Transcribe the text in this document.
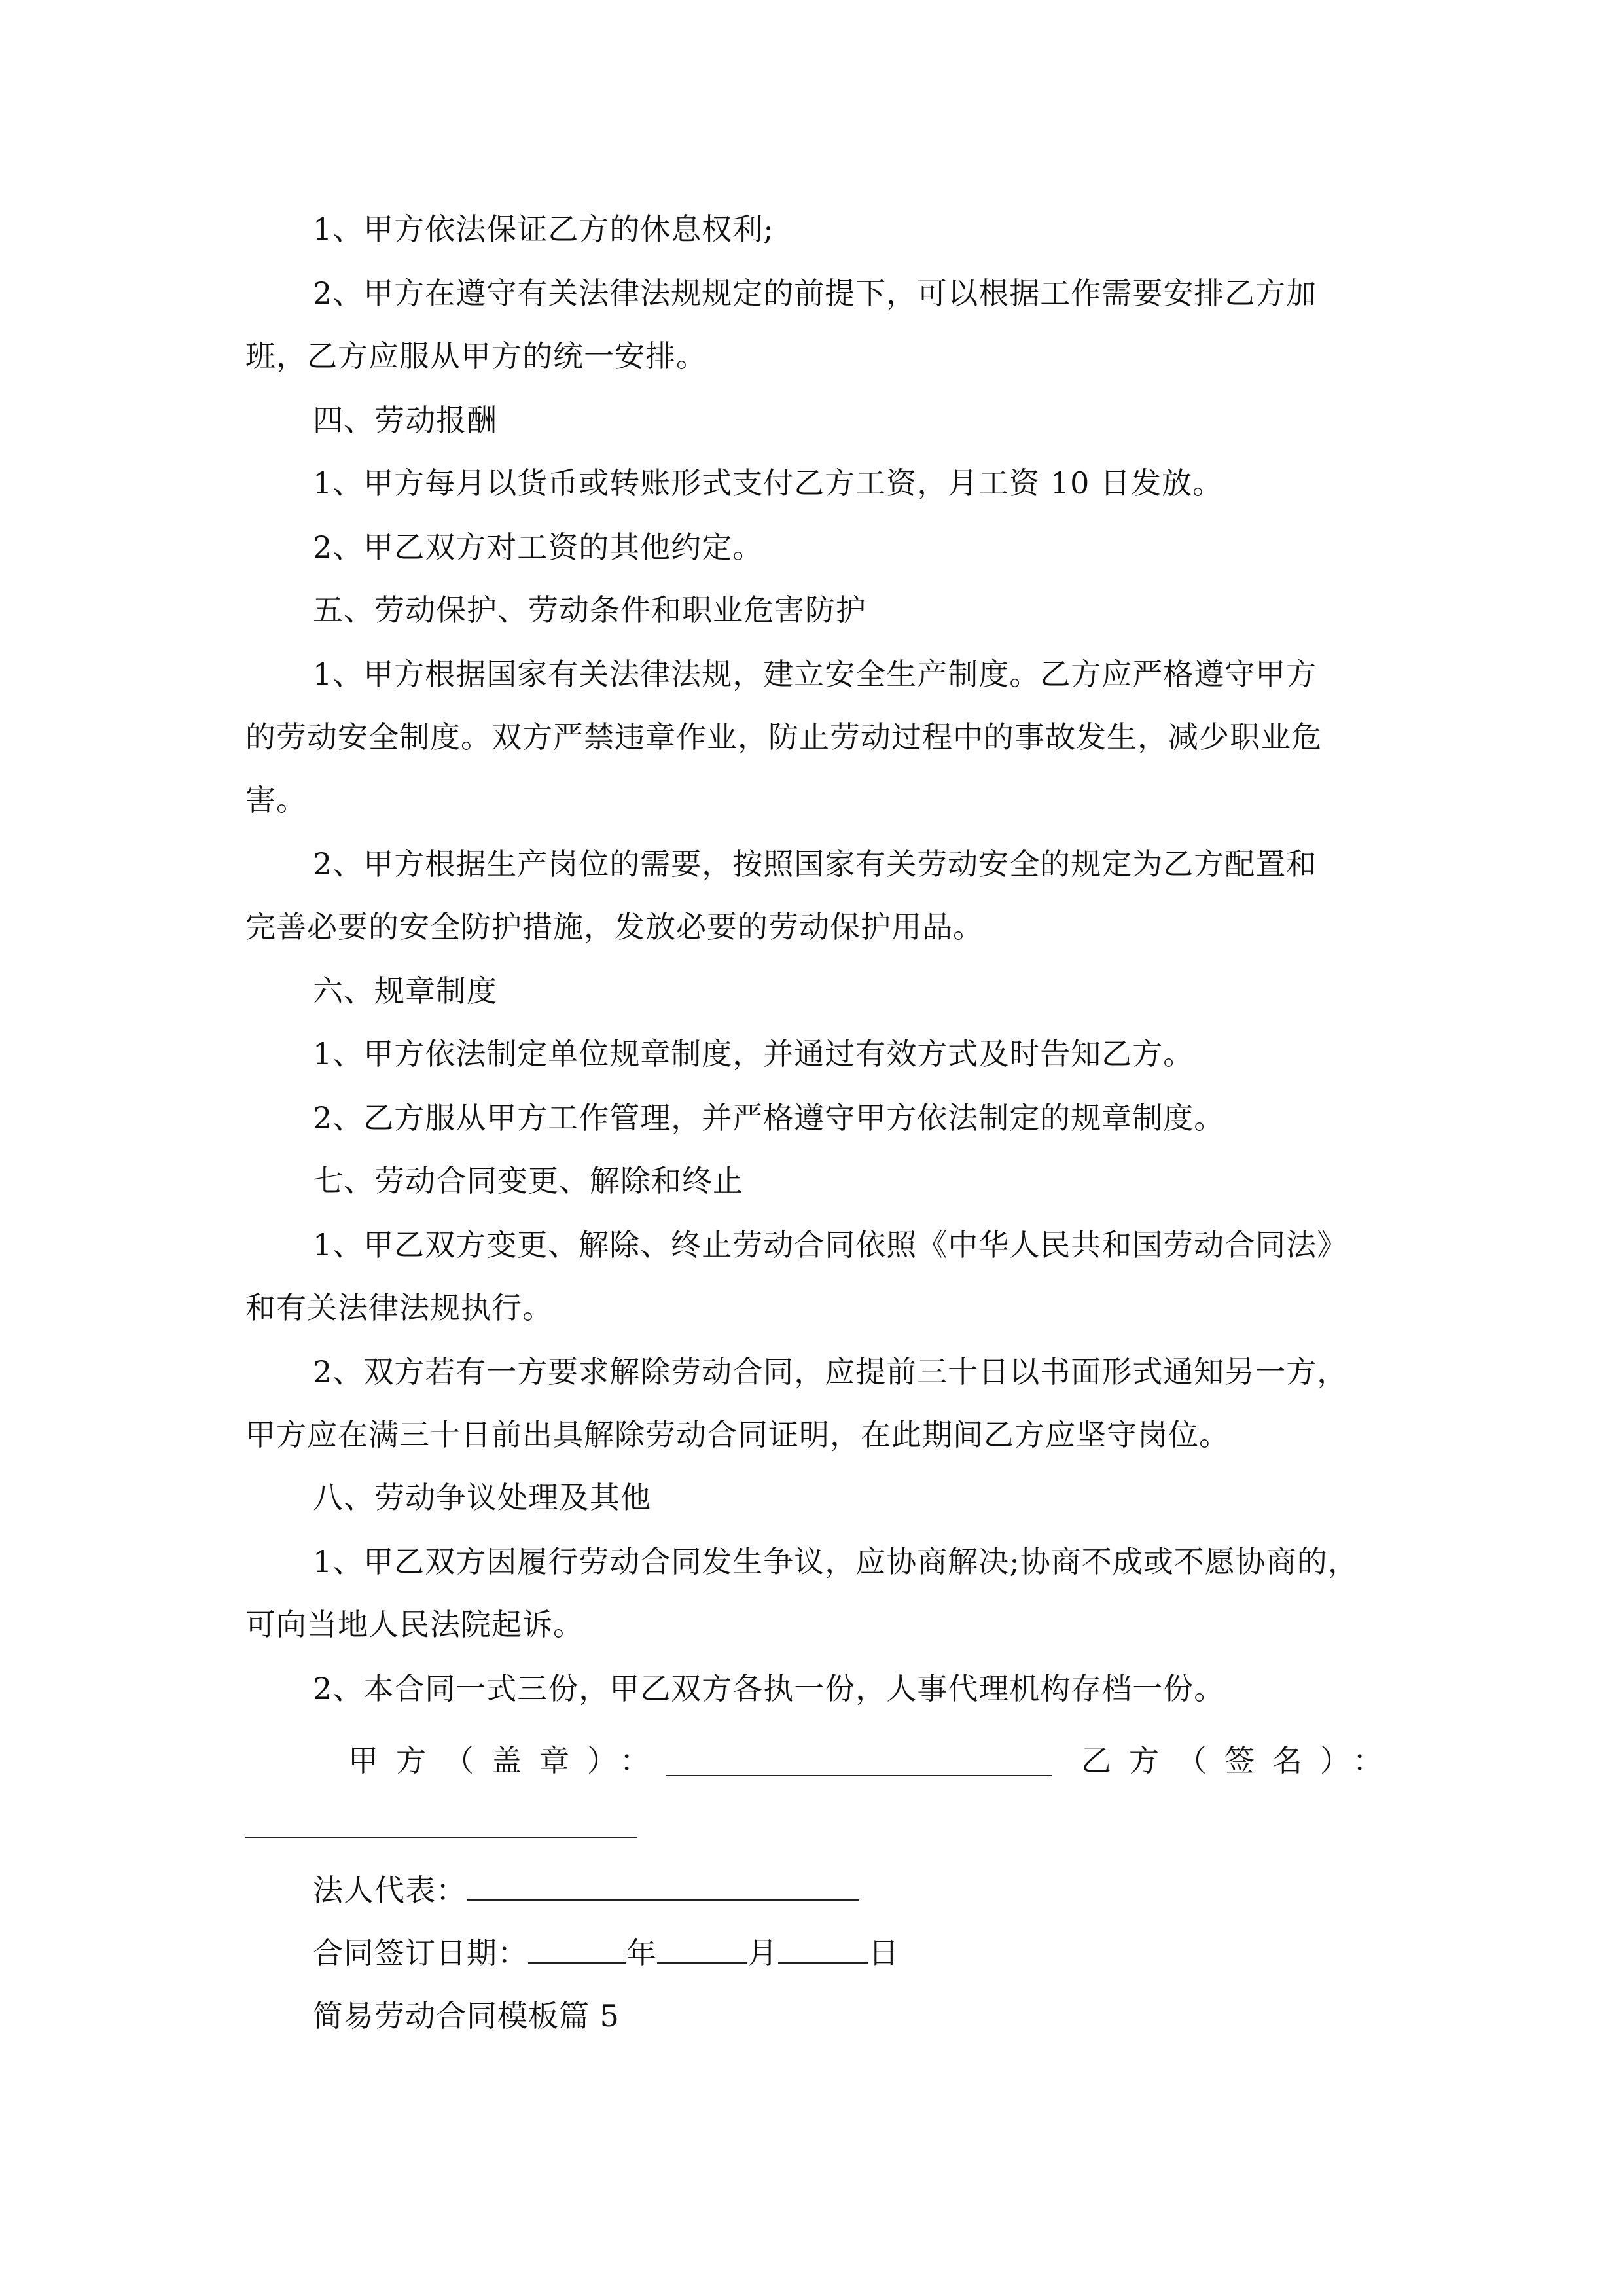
1、甲方依法保证乙方的休息权利;
2、甲方在遵守有关法律法规规定的前提下，可以根据工作需要安排乙方加
班，乙方应服从甲方的统一安排。
四、劳动报酬
1、甲方每月以货币或转账形式支付乙方工资，月工资 10 日发放。
2、甲乙双方对工资的其他约定。
五、劳动保护、劳动条件和职业危害防护
1、甲方根据国家有关法律法规，建立安全生产制度。乙方应严格遵守甲方
的劳动安全制度。双方严禁违章作业，防止劳动过程中的事故发生，减少职业危
害。
2、甲方根据生产岗位的需要，按照国家有关劳动安全的规定为乙方配置和
完善必要的安全防护措施，发放必要的劳动保护用品。
六、规章制度
1、甲方依法制定单位规章制度，并通过有效方式及时告知乙方。
2、乙方服从甲方工作管理，并严格遵守甲方依法制定的规章制度。
七、劳动合同变更、解除和终止
1、甲乙双方变更、解除、终止劳动合同依照《中华人民共和国劳动合同法》
和有关法律法规执行。
2、双方若有一方要求解除劳动合同，应提前三十日以书面形式通知另一方，
甲方应在满三十日前出具解除劳动合同证明，在此期间乙方应坚守岗位。
八、劳动争议处理及其他
1、甲乙双方因履行劳动合同发生争议，应协商解决;协商不成或不愿协商的，
可向当地人民法院起诉。
2、本合同一式三份，甲乙双方各执一份，人事代理机构存档一份。
甲方（盖章）：	乙方（签名）：
法人代表：
合同签订日期：	年	月	日
简易劳动合同模板篇 5
